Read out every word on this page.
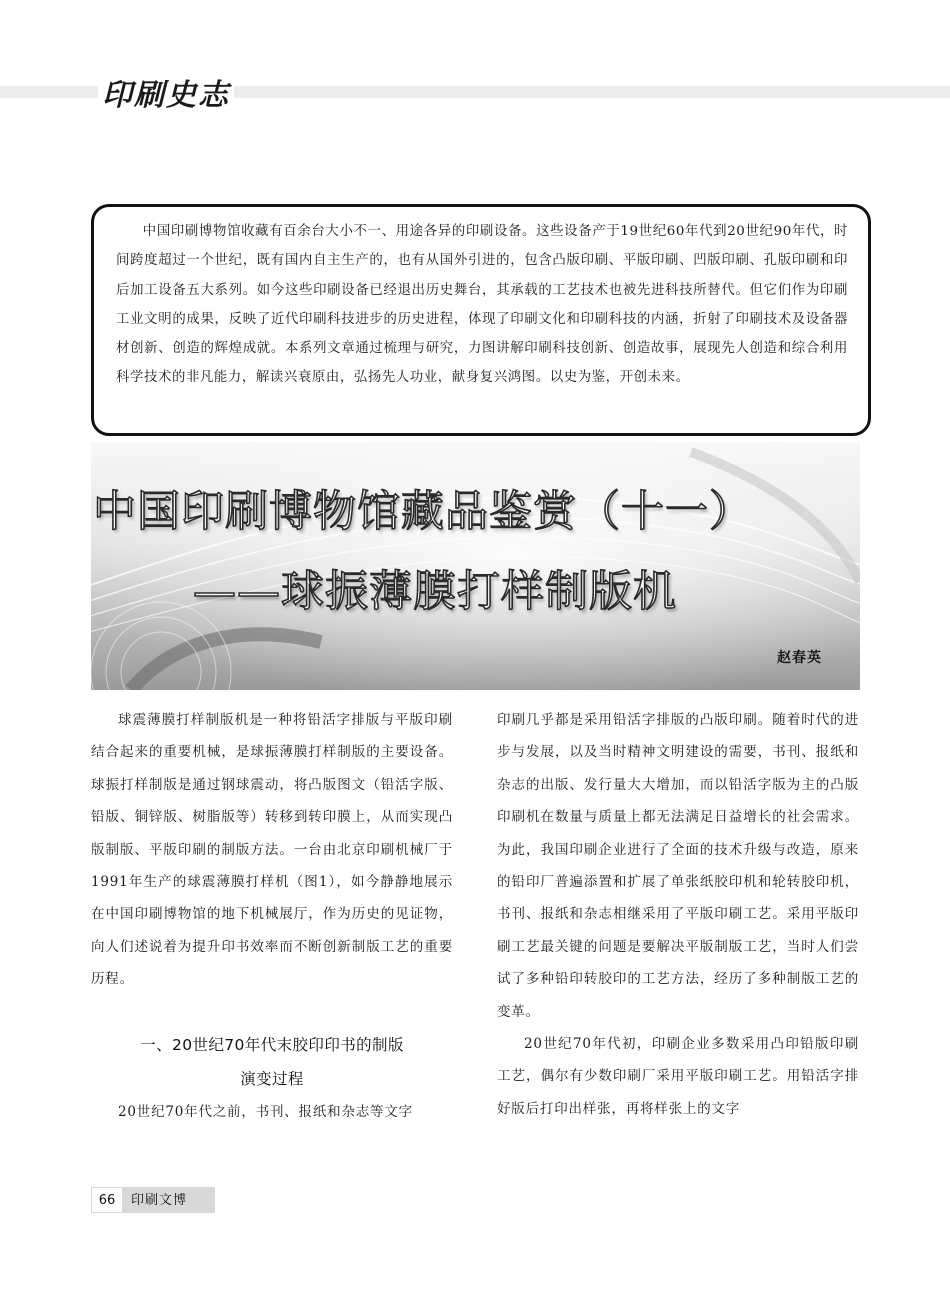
印刷史志
中国印刷博物馆收藏有百余台大小不一、用途各异的印刷设备。这些设备产于19世纪60年代到20世纪90年代，时间跨度超过一个世纪，既有国内自主生产的，也有从国外引进的，包含凸版印刷、平版印刷、凹版印刷、孔版印刷和印后加工设备五大系列。如今这些印刷设备已经退出历史舞台，其承载的工艺技术也被先进科技所替代。但它们作为印刷工业文明的成果，反映了近代印刷科技进步的历史进程，体现了印刷文化和印刷科技的内涵，折射了印刷技术及设备器材创新、创造的辉煌成就。本系列文章通过梳理与研究，力图讲解印刷科技创新、创造故事，展现先人创造和综合利用科学技术的非凡能力，解读兴衰原由，弘扬先人功业，献身复兴鸿图。以史为鉴，开创未来。
中国印刷博物馆藏品鉴赏（十一）
——球振薄膜打样制版机
赵春英

球震薄膜打样制版机是一种将铅活字排版与平版印刷结合起来的重要机械，是球振薄膜打样制版的主要设备。球振打样制版是通过钢球震动，将凸版图文（铅活字版、铅版、铜锌版、树脂版等）转移到转印膜上，从而实现凸版制版、平版印刷的制版方法。一台由北京印刷机械厂于1991年生产的球震薄膜打样机（图1），如今静静地展示在中国印刷博物馆的地下机械展厅，作为历史的见证物，向人们述说着为提升印书效率而不断创新制版工艺的重要历程。

一、20世纪70年代末胶印印书的制版
演变过程

20世纪70年代之前，书刊、报纸和杂志等文字

印刷几乎都是采用铅活字排版的凸版印刷。随着时代的进步与发展，以及当时精神文明建设的需要，书刊、报纸和杂志的出版、发行量大大增加，而以铅活字版为主的凸版印刷机在数量与质量上都无法满足日益增长的社会需求。为此，我国印刷企业进行了全面的技术升级与改造，原来的铅印厂普遍添置和扩展了单张纸胶印机和轮转胶印机，书刊、报纸和杂志相继采用了平版印刷工艺。采用平版印刷工艺最关键的问题是要解决平版制版工艺，当时人们尝试了多种铅印转胶印的工艺方法，经历了多种制版工艺的变革。

20世纪70年代初，印刷企业多数采用凸印铅版印刷工艺，偶尔有少数印刷厂采用平版印刷工艺。用铅活字排好版后打印出样张，再将样张上的文字

66 印刷文博
